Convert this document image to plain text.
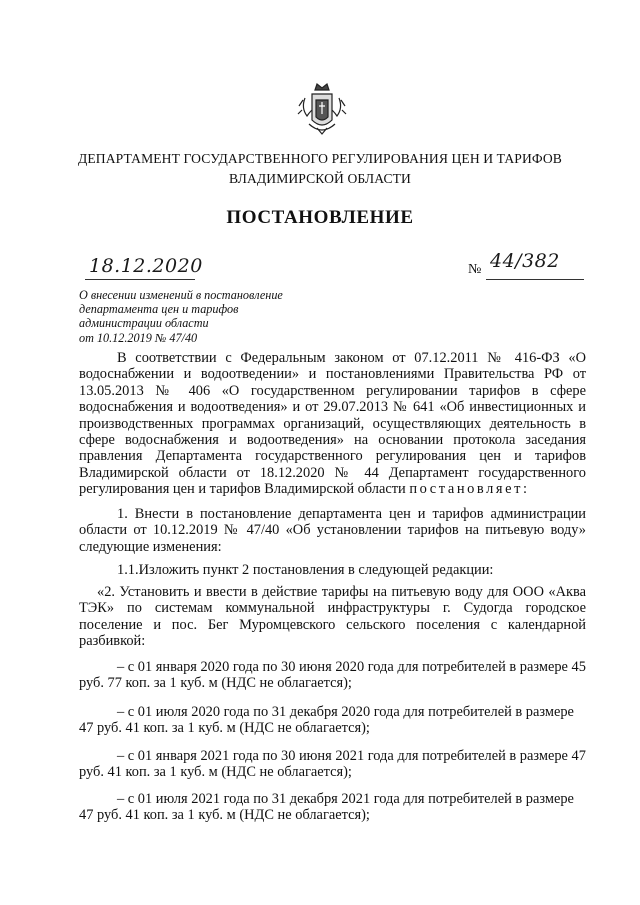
ДЕПАРТАМЕНТ ГОСУДАРСТВЕННОГО РЕГУЛИРОВАНИЯ ЦЕН И ТАРИФОВ
ВЛАДИМИРСКОЙ ОБЛАСТИ
ПОСТАНОВЛЕНИЕ
18.12.2020	№ 44/382
О внесении изменений в постановление
департамента цен и тарифов
администрации области
от 10.12.2019 № 47/40
В соответствии с Федеральным законом от 07.12.2011 № 416-ФЗ «О водоснабжении и водоотведении» и постановлениями Правительства РФ от 13.05.2013 № 406 «О государственном регулировании тарифов в сфере водоснабжения и водоотведения» и от 29.07.2013 № 641 «Об инвестиционных и производственных программах организаций, осуществляющих деятельность в сфере водоснабжения и водоотведения» на основании протокола заседания правления Департамента государственного регулирования цен и тарифов Владимирской области от 18.12.2020 № 44 Департамент государственного регулирования цен и тарифов Владимирской области постановляет:
1. Внести в постановление департамента цен и тарифов администрации области от 10.12.2019 № 47/40 «Об установлении тарифов на питьевую воду» следующие изменения:
1.1.Изложить пункт 2 постановления в следующей редакции:
«2. Установить и ввести в действие тарифы на питьевую воду для ООО «Аква ТЭК» по системам коммунальной инфраструктуры г. Судогда городское поселение и пос. Бег Муромцевского сельского поселения с календарной разбивкой:
– с 01 января 2020 года по 30 июня 2020 года для потребителей в размере 45 руб. 77 коп. за 1 куб. м (НДС не облагается);
– с 01 июля 2020 года по 31 декабря 2020 года для потребителей в размере 47 руб. 41 коп. за 1 куб. м (НДС не облагается);
– с 01 января 2021 года по 30 июня 2021 года для потребителей в размере 47 руб. 41 коп. за 1 куб. м (НДС не облагается);
– с 01 июля 2021 года по 31 декабря 2021 года для потребителей в размере 47 руб. 41 коп. за 1 куб. м (НДС не облагается);
